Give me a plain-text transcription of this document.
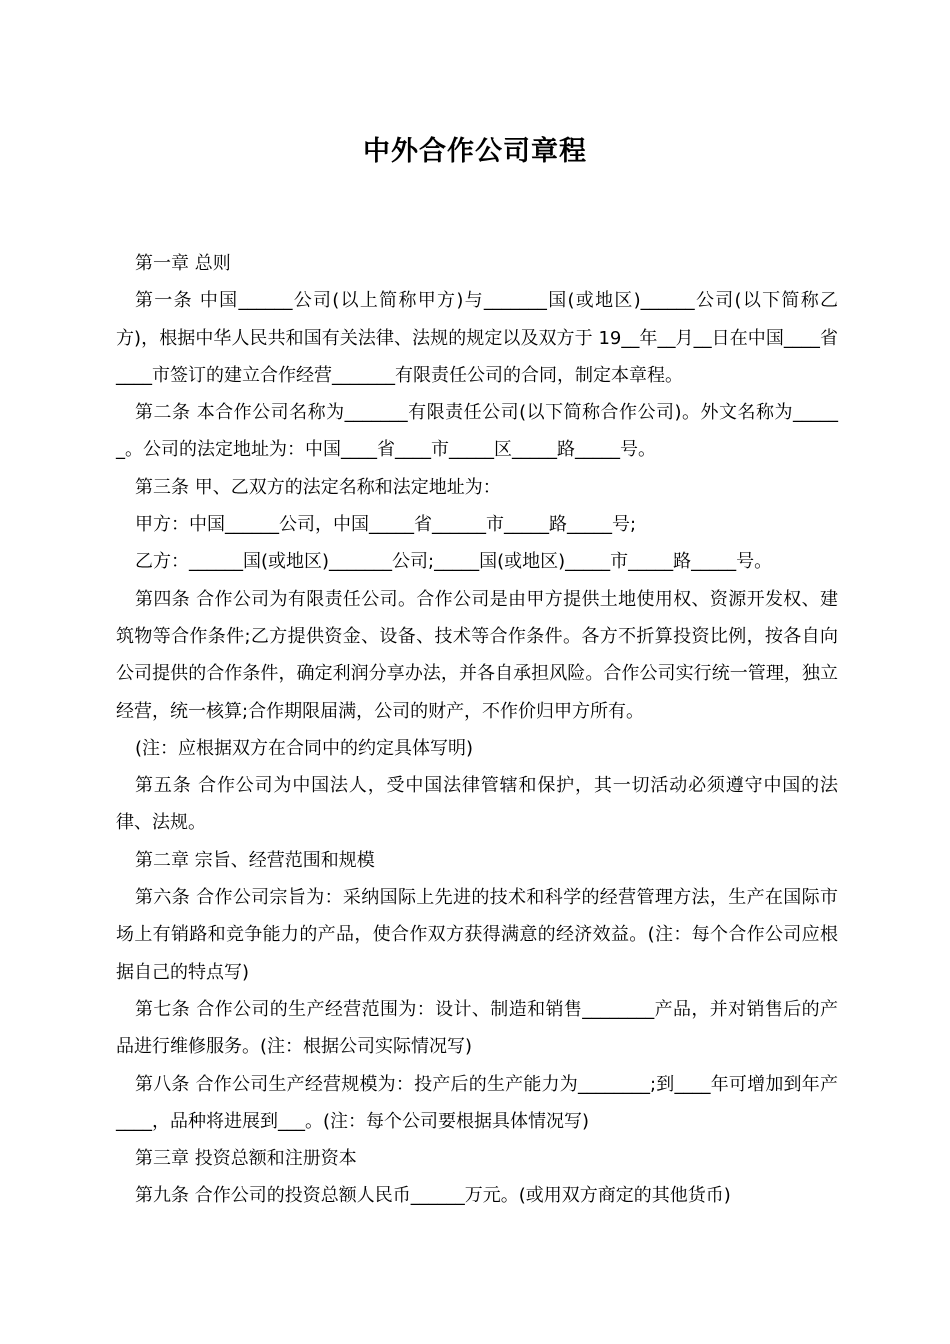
中外合作公司章程

第一章 总则

第一条 中国______公司(以上简称甲方)与_______国(或地区)______公司(以下简称乙方)，根据中华人民共和国有关法律、法规的规定以及双方于 19__年__月__日在中国____省____市签订的建立合作经营_______有限责任公司的合同，制定本章程。

第二条 本合作公司名称为_______有限责任公司(以下简称合作公司)。外文名称为______。公司的法定地址为：中国____省____市_____区_____路_____号。

第三条 甲、乙双方的法定名称和法定地址为：

甲方：中国______公司，中国_____省______市_____路_____号;

乙方：______国(或地区)_______公司;_____国(或地区)_____市_____路_____号。

第四条 合作公司为有限责任公司。合作公司是由甲方提供土地使用权、资源开发权、建筑物等合作条件;乙方提供资金、设备、技术等合作条件。各方不折算投资比例，按各自向公司提供的合作条件，确定利润分享办法，并各自承担风险。合作公司实行统一管理，独立经营，统一核算;合作期限届满，公司的财产，不作价归甲方所有。

(注：应根据双方在合同中的约定具体写明)

第五条 合作公司为中国法人，受中国法律管辖和保护，其一切活动必须遵守中国的法律、法规。

第二章 宗旨、经营范围和规模

第六条 合作公司宗旨为：采纳国际上先进的技术和科学的经营管理方法，生产在国际市场上有销路和竞争能力的产品，使合作双方获得满意的经济效益。(注：每个合作公司应根据自己的特点写)

第七条 合作公司的生产经营范围为：设计、制造和销售________产品，并对销售后的产品进行维修服务。(注：根据公司实际情况写)

第八条 合作公司生产经营规模为：投产后的生产能力为________;到____年可增加到年产____，品种将进展到___。(注：每个公司要根据具体情况写)

第三章 投资总额和注册资本

第九条 合作公司的投资总额人民币______万元。(或用双方商定的其他货币)
